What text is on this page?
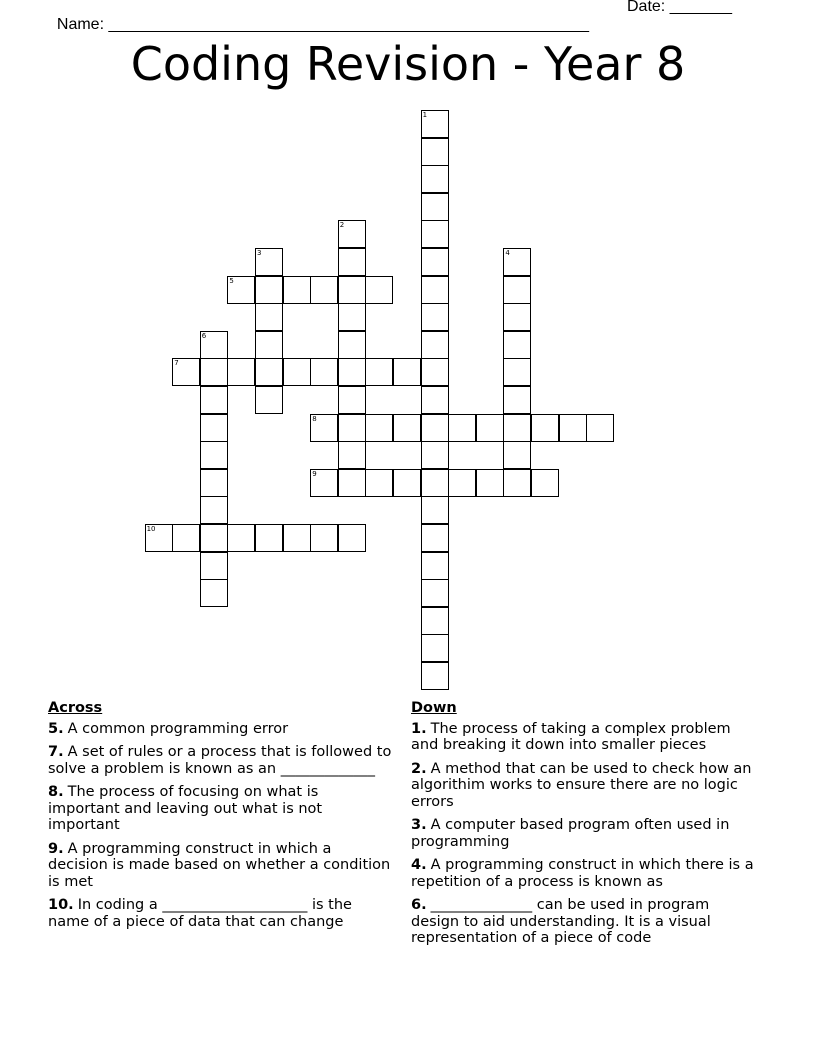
Name: ______________________________________________________

Date: _______

Coding Revision - Year 8
1
2
3	4
5
6
7
8
9
10
Across
5. A common programming error
7. A set of rules or a process that is followed to solve a problem is known as an _____________
8. The process of focusing on what is important and leaving out what is not important
9. A programming construct in which a decision is made based on whether a condition is met
10. In coding a ____________________ is the name of a piece of data that can change
Down
1. The process of taking a complex problem and breaking it down into smaller pieces
2. A method that can be used to check how an algorithim works to ensure there are no logic errors
3. A computer based program often used in programming
4. A programming construct in which there is a repetition of a process is known as
6. ______________ can be used in program design to aid understanding. It is a visual representation of a piece of code
